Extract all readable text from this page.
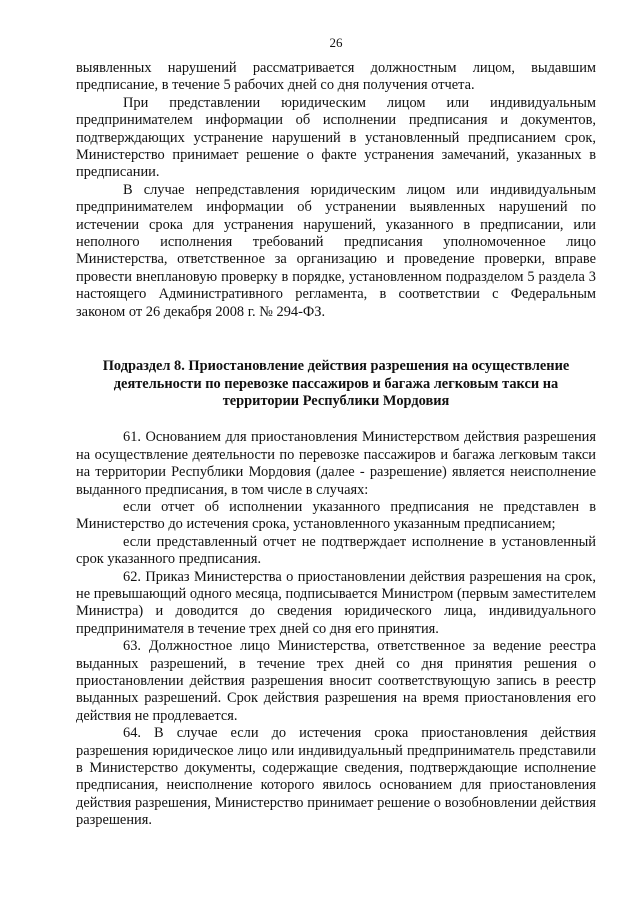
26

выявленных нарушений рассматривается должностным лицом, выдавшим предписание, в течение 5 рабочих дней со дня получения отчета.

При представлении юридическим лицом или индивидуальным предпринимателем информации об исполнении предписания и документов, подтверждающих устранение нарушений в установленный предписанием срок, Министерство принимает решение о факте устранения замечаний, указанных в предписании.

В случае непредставления юридическим лицом или индивидуальным предпринимателем информации об устранении выявленных нарушений по истечении срока для устранения нарушений, указанного в предписании, или неполного исполнения требований предписания уполномоченное лицо Министерства, ответственное за организацию и проведение проверки, вправе провести внеплановую проверку в порядке, установленном подразделом 5 раздела 3 настоящего Административного регламента, в соответствии с Федеральным законом от 26 декабря 2008 г. № 294-ФЗ.

Подраздел 8. Приостановление действия разрешения на осуществление деятельности по перевозке пассажиров и багажа легковым такси на территории Республики Мордовия

61. Основанием для приостановления Министерством действия разрешения на осуществление деятельности по перевозке пассажиров и багажа легковым такси на территории Республики Мордовия (далее - разрешение) является неисполнение выданного предписания, в том числе в случаях:

если отчет об исполнении указанного предписания не представлен в Министерство до истечения срока, установленного указанным предписанием;

если представленный отчет не подтверждает исполнение в установленный срок указанного предписания.

62. Приказ Министерства о приостановлении действия разрешения на срок, не превышающий одного месяца, подписывается Министром (первым заместителем Министра) и доводится до сведения юридического лица, индивидуального предпринимателя в течение трех дней со дня его принятия.

63. Должностное лицо Министерства, ответственное за ведение реестра выданных разрешений, в течение трех дней со дня принятия решения о приостановлении действия разрешения вносит соответствующую запись в реестр выданных разрешений. Срок действия разрешения на время приостановления его действия не продлевается.

64. В случае если до истечения срока приостановления действия разрешения юридическое лицо или индивидуальный предприниматель представили в Министерство документы, содержащие сведения, подтверждающие исполнение предписания, неисполнение которого явилось основанием для приостановления действия разрешения, Министерство принимает решение о возобновлении действия разрешения.
